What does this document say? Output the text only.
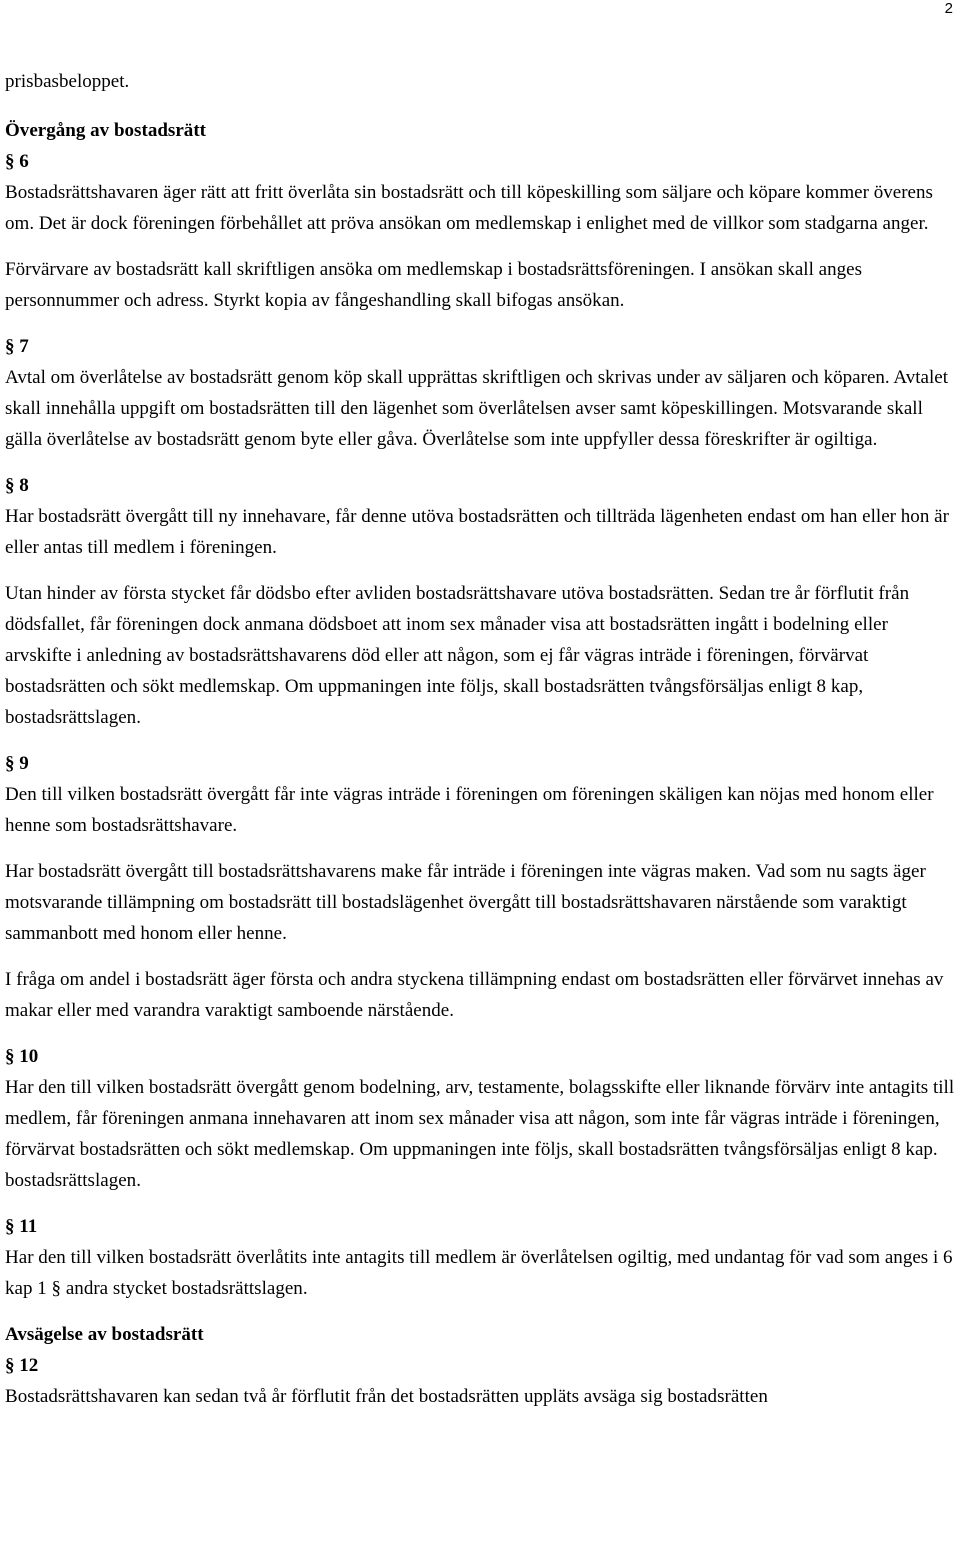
2

prisbasbeloppet.

Övergång av bostadsrätt

§ 6

Bostadsrättshavaren äger rätt att fritt överlåta sin bostadsrätt och till köpeskilling som säljare och köpare kommer överens om. Det är dock föreningen förbehållet att pröva ansökan om medlemskap i enlighet med de villkor som stadgarna anger.

Förvärvare av bostadsrätt kall skriftligen ansöka om medlemskap i bostadsrättsföreningen. I ansökan skall anges personnummer och adress. Styrkt kopia av fångeshandling skall bifogas ansökan.

§ 7

Avtal om överlåtelse av bostadsrätt genom köp skall upprättas skriftligen och skrivas under av säljaren och köparen. Avtalet skall innehålla uppgift om bostadsrätten till den lägenhet som överlåtelsen avser samt köpeskillingen. Motsvarande skall gälla överlåtelse av bostadsrätt genom byte eller gåva. Överlåtelse som inte uppfyller dessa föreskrifter är ogiltiga.

§ 8

Har bostadsrätt övergått till ny innehavare, får denne utöva bostadsrätten och tillträda lägenheten endast om han eller hon är eller antas till medlem i föreningen.

Utan hinder av första stycket får dödsbo efter avliden bostadsrättshavare utöva bostadsrätten. Sedan tre år förflutit från dödsfallet, får föreningen dock anmana dödsboet att inom sex månader visa att bostadsrätten ingått i bodelning eller arvskifte i anledning av bostadsrättshavarens död eller att någon, som ej får vägras inträde i föreningen, förvärvat bostadsrätten och sökt medlemskap. Om uppmaningen inte följs, skall bostadsrätten tvångsförsäljas enligt 8 kap, bostadsrättslagen.

§ 9

Den till vilken bostadsrätt övergått får inte vägras inträde i föreningen om föreningen skäligen kan nöjas med honom eller henne som bostadsrättshavare.

Har bostadsrätt övergått till bostadsrättshavarens make får inträde i föreningen inte vägras maken. Vad som nu sagts äger motsvarande tillämpning om bostadsrätt till bostadslägenhet övergått till bostadsrättshavaren närstående som varaktigt sammanbott med honom eller henne.

I fråga om andel i bostadsrätt äger första och andra styckena tillämpning endast om bostadsrätten eller förvärvet innehas av makar eller med varandra varaktigt samboende närstående.

§ 10

Har den till vilken bostadsrätt övergått genom bodelning, arv, testamente, bolagsskifte eller liknande förvärv inte antagits till medlem, får föreningen anmana innehavaren att inom sex månader visa att någon, som inte får vägras inträde i föreningen, förvärvat bostadsrätten och sökt medlemskap. Om uppmaningen inte följs, skall bostadsrätten tvångsförsäljas enligt 8 kap. bostadsrättslagen.

§ 11

Har den till vilken bostadsrätt överlåtits inte antagits till medlem är överlåtelsen ogiltig, med undantag för vad som anges i 6 kap 1 § andra stycket bostadsrättslagen.

Avsägelse av bostadsrätt

§ 12

Bostadsrättshavaren kan sedan två år förflutit från det bostadsrätten uppläts avsäga sig bostadsrätten
